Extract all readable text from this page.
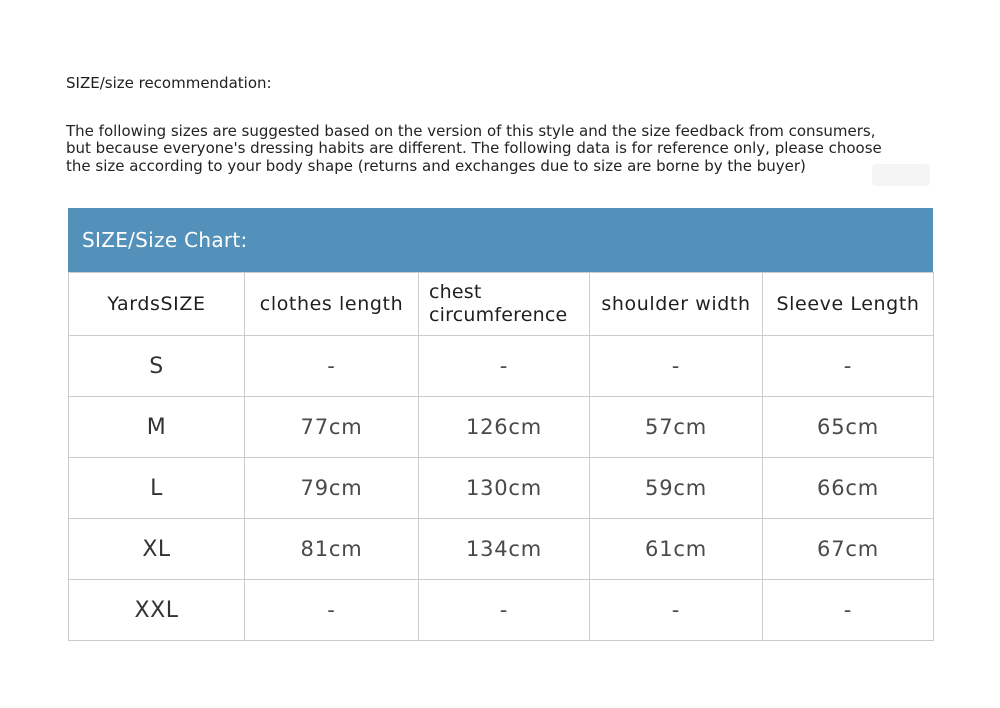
SIZE/size recommendation:
The following sizes are suggested based on the version of this style and the size feedback from consumers,
but because everyone's dressing habits are different. The following data is for reference only, please choose
the size according to your body shape (returns and exchanges due to size are borne by the buyer)
SIZE/Size Chart:
YardsSIZE	clothes length	chest circumference	shoulder width	Sleeve Length
S	-	-	-	-
M	77cm	126cm	57cm	65cm
L	79cm	130cm	59cm	66cm
XL	81cm	134cm	61cm	67cm
XXL	-	-	-	-
